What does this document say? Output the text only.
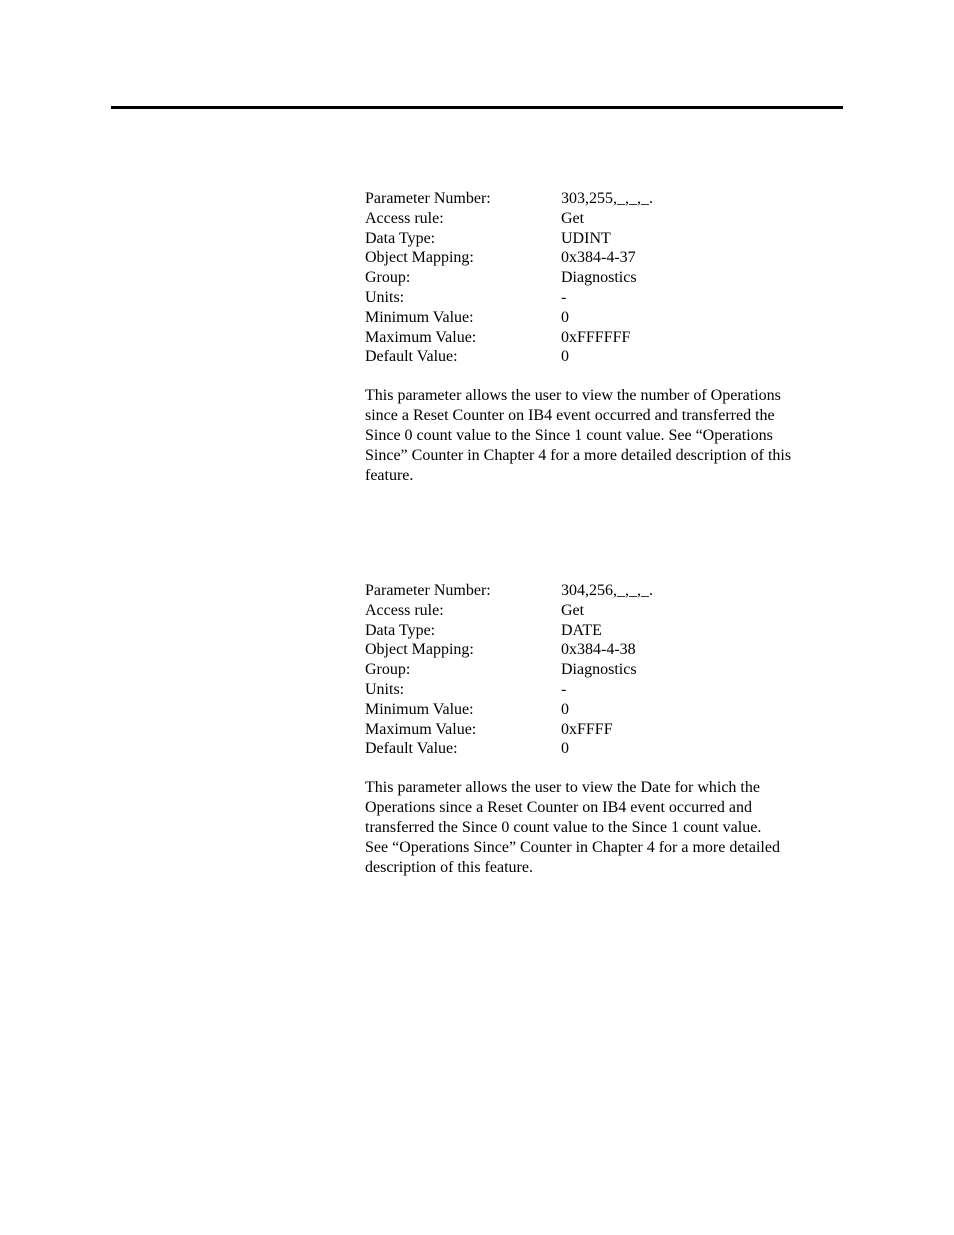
Parameter Number:	303,255,_,_,_.
Access rule:	Get
Data Type:	UDINT
Object Mapping:	0x384-4-37
Group:	Diagnostics
Units:	-
Minimum Value:	0
Maximum Value:	0xFFFFFF
Default Value:	0
This parameter allows the user to view the number of Operations
since a Reset Counter on IB4 event occurred and transferred the
Since 0 count value to the Since 1 count value. See “Operations
Since” Counter in Chapter 4 for a more detailed description of this
feature.
Parameter Number:	304,256,_,_,_.
Access rule:	Get
Data Type:	DATE
Object Mapping:	0x384-4-38
Group:	Diagnostics
Units:	-
Minimum Value:	0
Maximum Value:	0xFFFF
Default Value:	0
This parameter allows the user to view the Date for which the
Operations since a Reset Counter on IB4 event occurred and
transferred the Since 0 count value to the Since 1 count value.
See “Operations Since” Counter in Chapter 4 for a more detailed
description of this feature.
